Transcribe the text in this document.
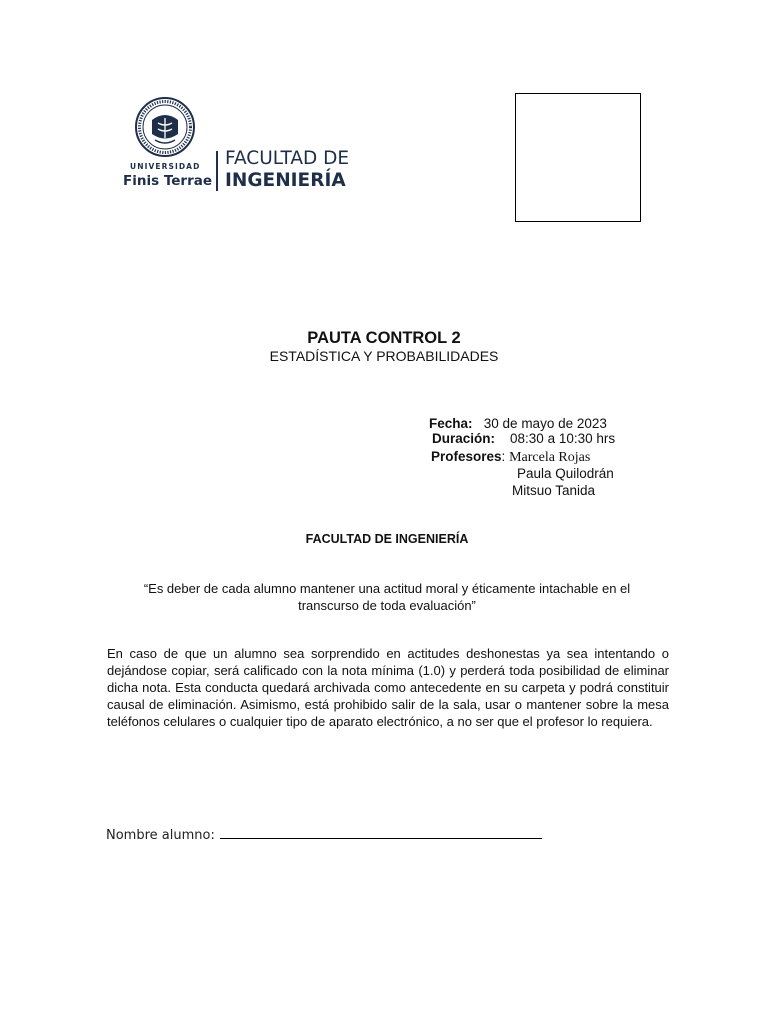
UNIVERSIDAD
Finis Terrae
FACULTAD DE
INGENIERÍA
PAUTA CONTROL 2
ESTADÍSTICA Y PROBABILIDADES
Fecha: 30 de mayo de 2023
Duración: 08:30 a 10:30 hrs
Profesores: Marcela Rojas
Paula Quilodrán
Mitsuo Tanida
FACULTAD DE INGENIERÍA
“Es deber de cada alumno mantener una actitud moral y éticamente intachable en el transcurso de toda evaluación”
En caso de que un alumno sea sorprendido en actitudes deshonestas ya sea intentando o dejándose copiar, será calificado con la nota mínima (1.0) y perderá toda posibilidad de eliminar dicha nota. Esta conducta quedará archivada como antecedente en su carpeta y podrá constituir causal de eliminación. Asimismo, está prohibido salir de la sala, usar o mantener sobre la mesa teléfonos celulares o cualquier tipo de aparato electrónico, a no ser que el profesor lo requiera.
Nombre alumno:
